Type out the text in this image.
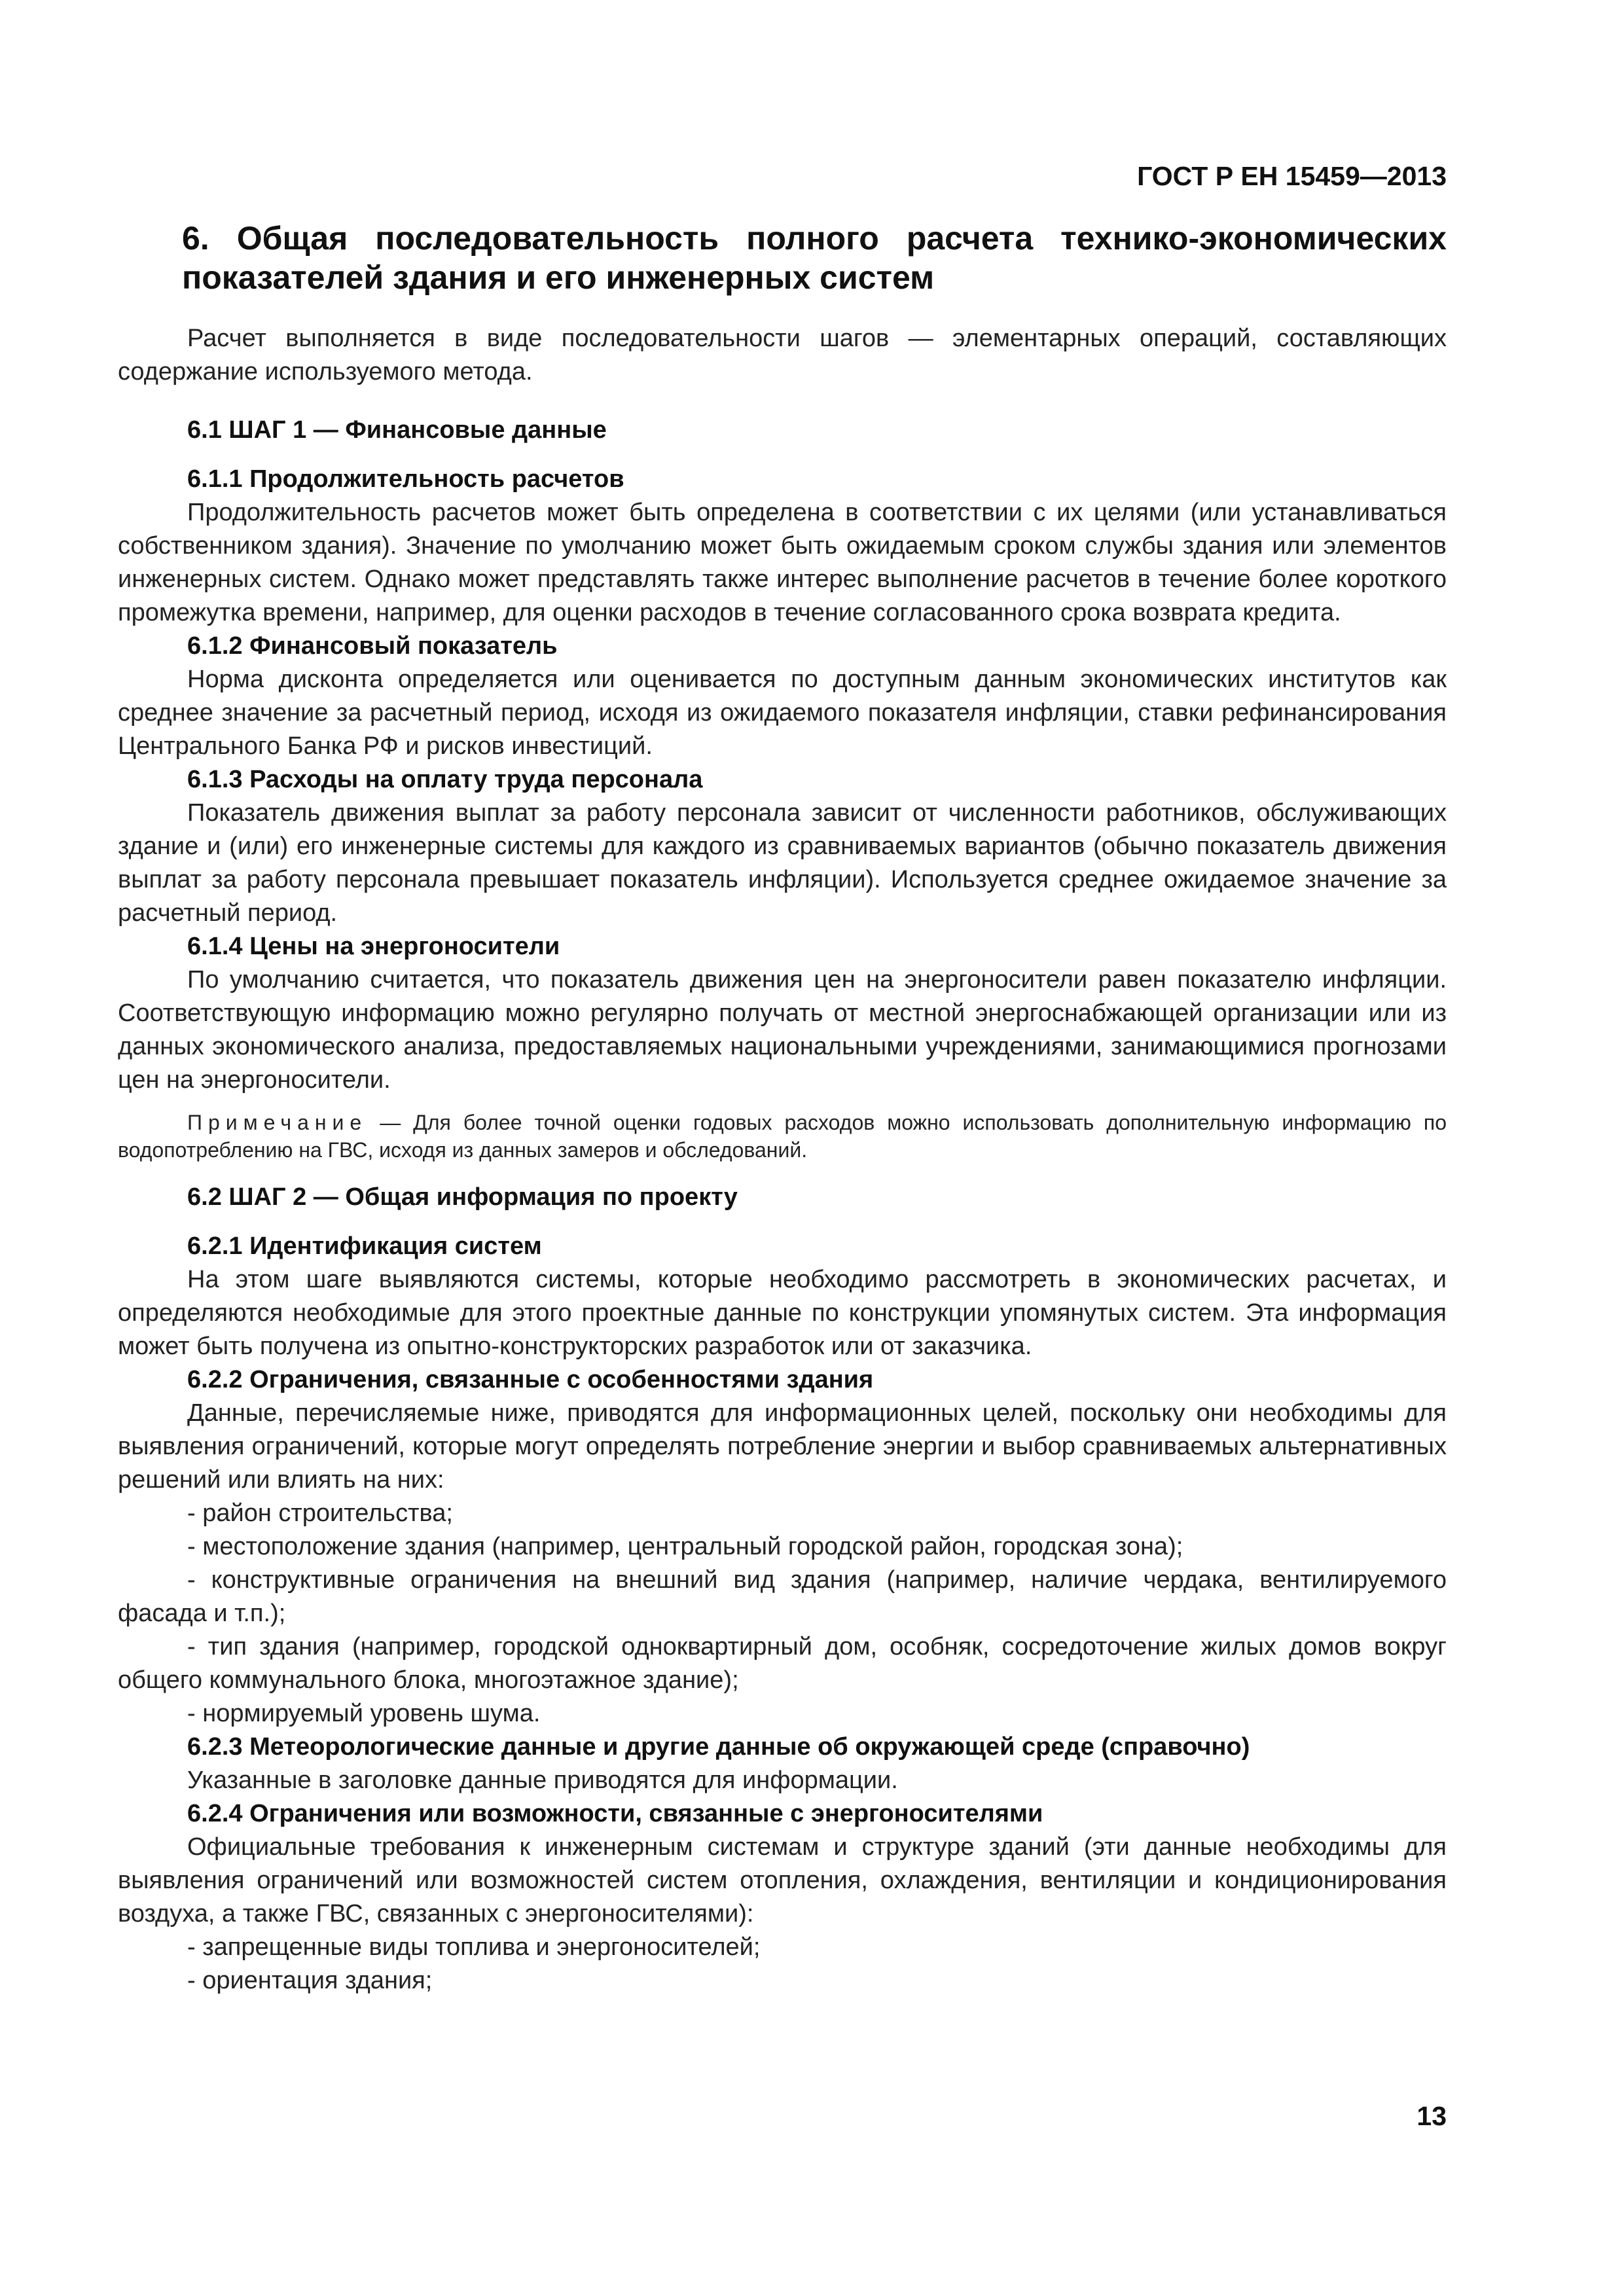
ГОСТ Р ЕН 15459—2013
6. Общая последовательность полного расчета технико-экономических показателей здания и его инженерных систем

Расчет выполняется в виде последовательности шагов — элементарных операций, составляющих содержание используемого метода.

6.1 ШАГ 1 — Финансовые данные
6.1.1 Продолжительность расчетов

Продолжительность расчетов может быть определена в соответствии с их целями (или устанавливаться собственником здания). Значение по умолчанию может быть ожидаемым сроком службы здания или элементов инженерных систем. Однако может представлять также интерес выполнение расчетов в течение более короткого промежутка времени, например, для оценки расходов в течение согласованного срока возврата кредита.

6.1.2 Финансовый показатель

Норма дисконта определяется или оценивается по доступным данным экономических институтов как среднее значение за расчетный период, исходя из ожидаемого показателя инфляции, ставки рефинансирования Центрального Банка РФ и рисков инвестиций.

6.1.3 Расходы на оплату труда персонала

Показатель движения выплат за работу персонала зависит от численности работников, обслуживающих здание и (или) его инженерные системы для каждого из сравниваемых вариантов (обычно показатель движения выплат за работу персонала превышает показатель инфляции). Используется среднее ожидаемое значение за расчетный период.

6.1.4 Цены на энергоносители

По умолчанию считается, что показатель движения цен на энергоносители равен показателю инфляции. Соответствующую информацию можно регулярно получать от местной энергоснабжающей организации или из данных экономического анализа, предоставляемых национальными учреждениями, занимающимися прогнозами цен на энергоносители.

Примечание — Для более точной оценки годовых расходов можно использовать дополнительную информацию по водопотреблению на ГВС, исходя из данных замеров и обследований.

6.2 ШАГ 2 — Общая информация по проекту
6.2.1 Идентификация систем

На этом шаге выявляются системы, которые необходимо рассмотреть в экономических расчетах, и определяются необходимые для этого проектные данные по конструкции упомянутых систем. Эта информация может быть получена из опытно-конструкторских разработок или от заказчика.

6.2.2 Ограничения, связанные с особенностями здания

Данные, перечисляемые ниже, приводятся для информационных целей, поскольку они необходимы для выявления ограничений, которые могут определять потребление энергии и выбор сравниваемых альтернативных решений или влиять на них:

- район строительства;

- местоположение здания (например, центральный городской район, городская зона);

- конструктивные ограничения на внешний вид здания (например, наличие чердака, вентилируемого фасада и т.п.);

- тип здания (например, городской одноквартирный дом, особняк, сосредоточение жилых домов вокруг общего коммунального блока, многоэтажное здание);

- нормируемый уровень шума.

6.2.3 Метеорологические данные и другие данные об окружающей среде (справочно)

Указанные в заголовке данные приводятся для информации.

6.2.4 Ограничения или возможности, связанные с энергоносителями

Официальные требования к инженерным системам и структуре зданий (эти данные необходимы для выявления ограничений или возможностей систем отопления, охлаждения, вентиляции и кондиционирования воздуха, а также ГВС, связанных с энергоносителями):

- запрещенные виды топлива и энергоносителей;

- ориентация здания;

13
